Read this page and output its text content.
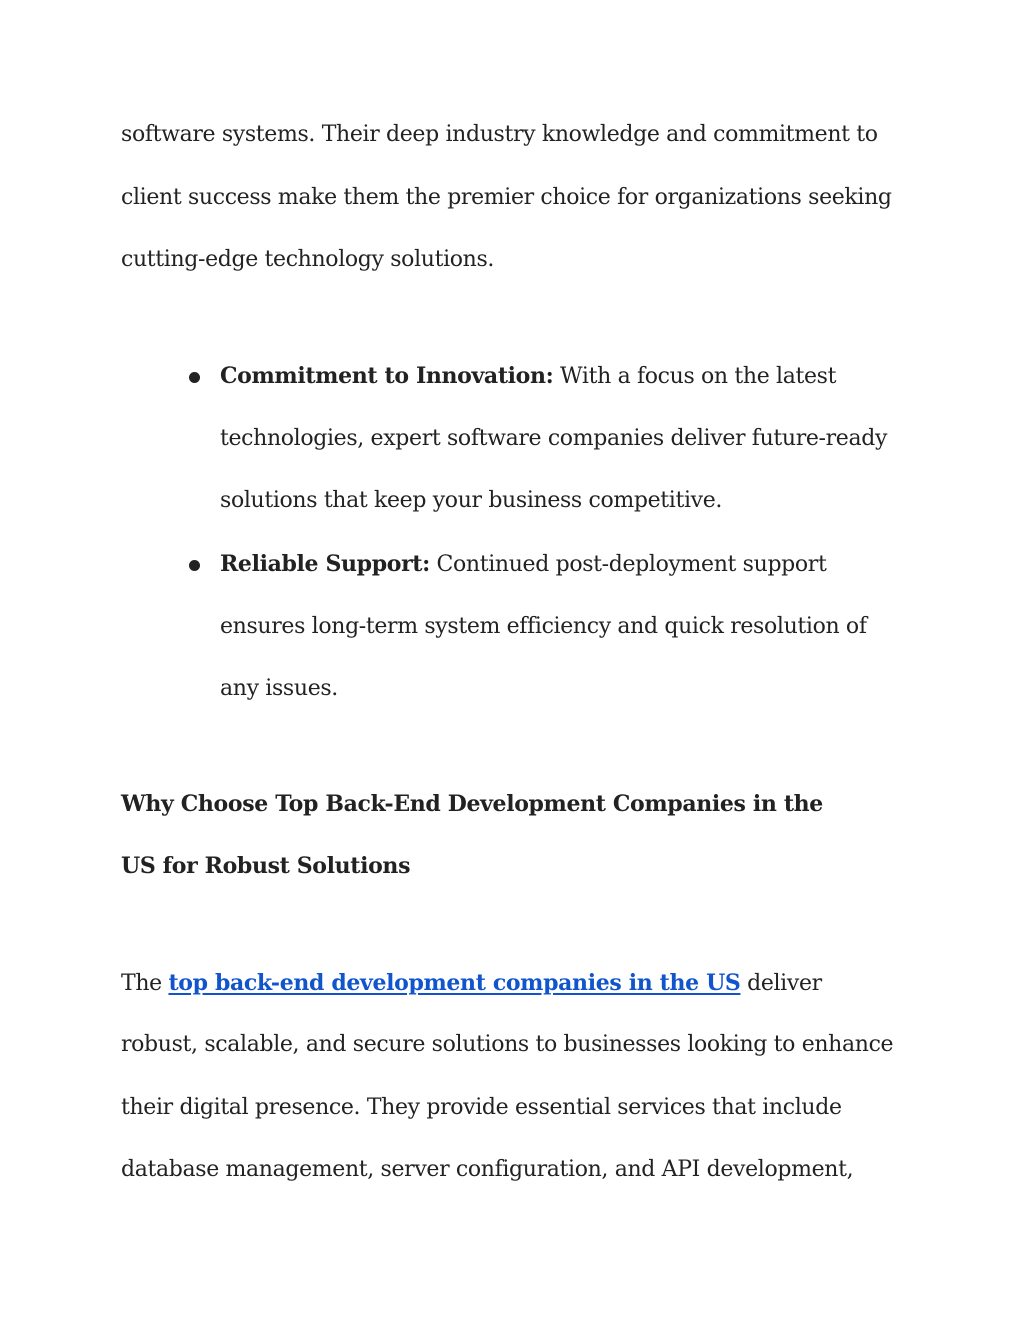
software systems. Their deep industry knowledge and commitment to
client success make them the premier choice for organizations seeking
cutting-edge technology solutions.
Commitment to Innovation: With a focus on the latest
technologies, expert software companies deliver future-ready
solutions that keep your business competitive.
Reliable Support: Continued post-deployment support
ensures long-term system efficiency and quick resolution of
any issues.
Why Choose Top Back-End Development Companies in the
US for Robust Solutions
The top back-end development companies in the US deliver
robust, scalable, and secure solutions to businesses looking to enhance
their digital presence. They provide essential services that include
database management, server configuration, and API development,
